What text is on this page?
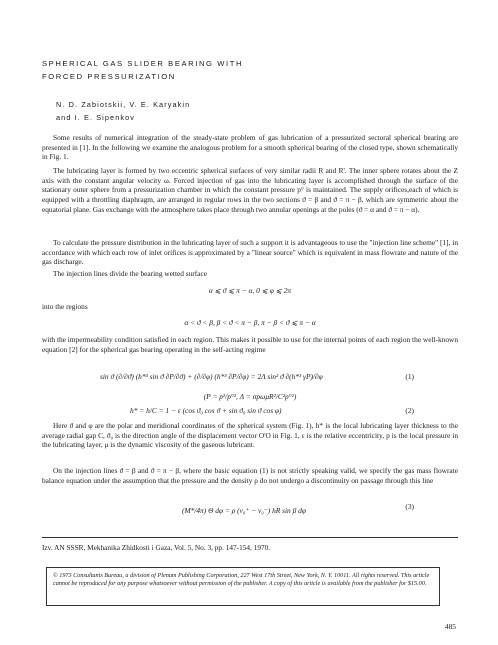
SPHERICAL GAS SLIDER BEARING WITH
FORCED PRESSURIZATION
N. D. Zabiotskii, V. E. Karyakin
and I. E. Sipenkov

Some results of numerical integration of the steady-state problem of gas lubrication of a pressurized sectoral spherical bearing are presented in [1]. In the following we examine the analogous problem for a smooth spherical bearing of the closed type, shown schematically in Fig. 1.

The lubricating layer is formed by two eccentric spherical surfaces of very similar radii R and R'. The inner sphere rotates about the Z axis with the constant angular velocity ω. Forced injection of gas into the lubricating layer is accomplished through the surface of the stationary outer sphere from a pressurization chamber in which the constant pressure p° is maintained. The supply orifices,each of which is equipped with a throttling diaphragm, are arranged in regular rows in the two sections ϑ = β and ϑ = π − β, which are symmetric about the equatorial plane. Gas exchange with the atmosphere takes place through two annular openings at the poles (ϑ = α and ϑ = π − α).

To calculate the pressure distribution in the lubricating layer of such a support it is advantageous to use the "injection line scheme" [1], in accordance with which each row of inlet orifices is approximated by a "linear source" which is equivalent in mass flowrate and nature of the gas discharge.

The injection lines divide the bearing wetted surface

α ⩽ ϑ ⩽ π − α, 0 ⩽ φ ⩽ 2π

into the regions

α < ϑ < β, β < ϑ < π − β, π − β < ϑ ⩽ π − α

with the impermeability condition satisfied in each region. This makes it possible to use for the internal points of each region the well-known equation [2] for the spherical gas bearing operating in the self-acting regime

sin ϑ (∂/∂ϑ) (h*³ sin ϑ ∂P/∂ϑ) + (∂/∂φ) (h*³ ∂P/∂φ) = 2Λ sin² ϑ ∂(h*³ γP)/∂φ	(1)
(P = p²/p°², Λ = σpωμR²/C²p°²)
h* = h/C = 1 − ε (cos ϑ₀ cos ϑ + sin ϑ₀ sin ϑ cos φ)	(2)

Here ϑ and φ are the polar and meridional coordinates of the spherical system (Fig. 1), h* is the local lubricating layer thickness to the average radial gap C, ϑ₀ is the direction angle of the displacement vector O'O in Fig. 1, ε is the relative eccentricity, p is the local pressure in the lubricating layer, μ is the dynamic viscosity of the gaseous lubricant.

On the injection lines ϑ = β and ϑ = π − β, where the basic equation (1) is not strictly speaking valid, we specify the gas mass flowrate balance equation under the assumption that the pressure and the density ρ do not undergo a discontinuity on passage through this line

(M*/4π) Θ dφ = ρ (v₀⁺ − v₀⁻) hR sin β dφ	(3)
Izv. AN SSSR, Mekhanika Zhidkosti i Gaza, Vol. 5, No. 3, pp. 147-154, 1970.
© 1973 Consultants Bureau, a division of Plenum Publishing Corporation, 227 West 17th Street, New York, N. Y. 10011. All rights reserved. This article cannot be reproduced for any purpose whatsoever without permission of the publisher. A copy of this article is available from the publisher for $15.00.
485
